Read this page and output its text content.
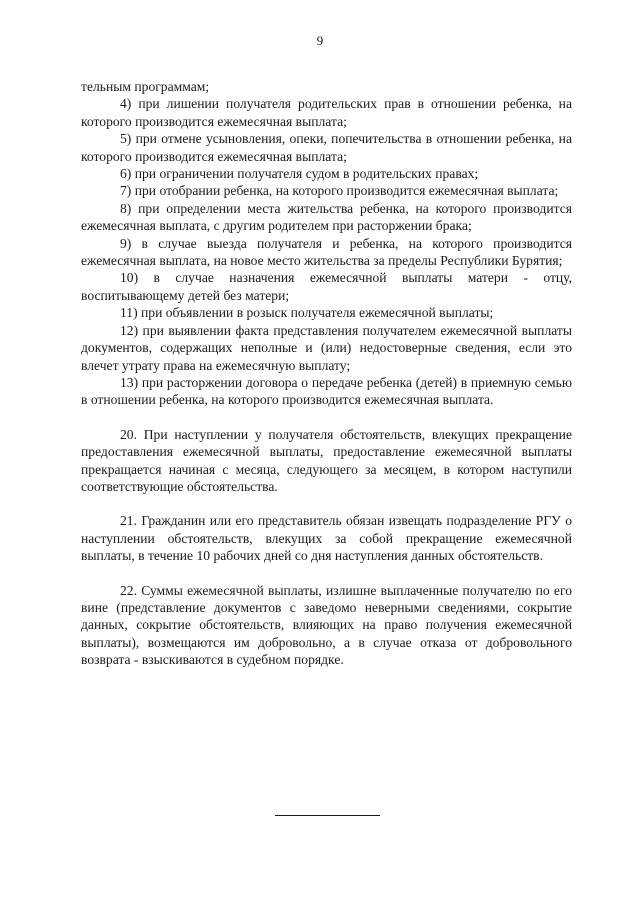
9

тельным программам;

4) при лишении получателя родительских прав в отношении ребенка, на которого производится ежемесячная выплата;

5) при отмене усыновления, опеки, попечительства в отношении ребенка, на которого производится ежемесячная выплата;

6) при ограничении получателя судом в родительских правах;

7) при отобрании ребенка, на которого производится ежемесячная выплата;

8) при определении места жительства ребенка, на которого производится ежемесячная выплата, с другим родителем при расторжении брака;

9) в случае выезда получателя и ребенка, на которого производится ежемесячная выплата, на новое место жительства за пределы Республики Бурятия;

10) в случае назначения ежемесячной выплаты матери - отцу, воспитывающему детей без матери;

11) при объявлении в розыск получателя ежемесячной выплаты;

12) при выявлении факта представления получателем ежемесячной выплаты документов, содержащих неполные и (или) недостоверные сведения, если это влечет утрату права на ежемесячную выплату;

13) при расторжении договора о передаче ребенка (детей) в приемную семью в отношении ребенка, на которого производится ежемесячная выплата.

20. При наступлении у получателя обстоятельств, влекущих прекращение предоставления ежемесячной выплаты, предоставление ежемесячной выплаты прекращается начиная с месяца, следующего за месяцем, в котором наступили соответствующие обстоятельства.

21. Гражданин или его представитель обязан извещать подразделение РГУ о наступлении обстоятельств, влекущих за собой прекращение ежемесячной выплаты, в течение 10 рабочих дней со дня наступления данных обстоятельств.

22. Суммы ежемесячной выплаты, излишне выплаченные получателю по его вине (представление документов с заведомо неверными сведениями, сокрытие данных, сокрытие обстоятельств, влияющих на право получения ежемесячной выплаты), возмещаются им добровольно, а в случае отказа от добровольного возврата - взыскиваются в судебном порядке.
